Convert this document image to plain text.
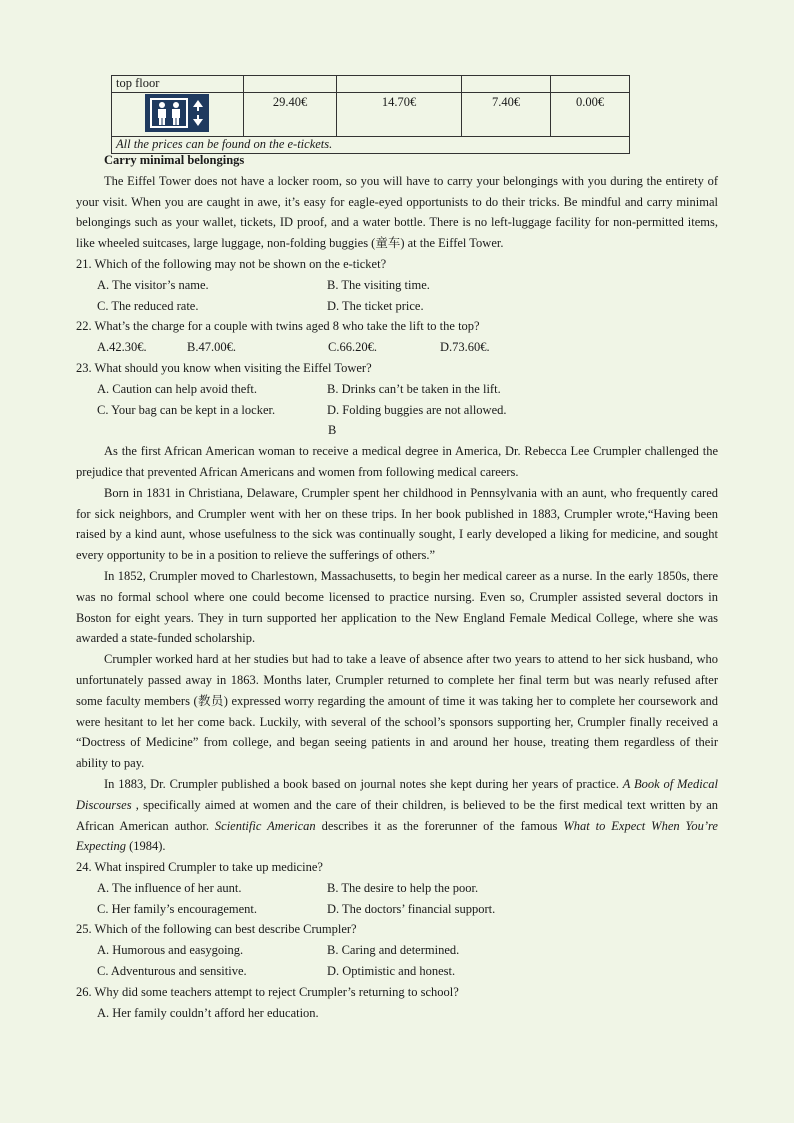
top floor				

	29.40€	14.70€	7.40€	0.00€
All the prices can be found on the e-tickets.				

Carry minimal belongings

The Eiffel Tower does not have a locker room, so you will have to carry your belongings with you during the entirety of your visit. When you are caught in awe, it’s easy for eagle-eyed opportunists to do their tricks. Be mindful and carry minimal belongings such as your wallet, tickets, ID proof, and a water bottle. There is no left-luggage facility for non-permitted items, like wheeled suitcases, large luggage, non-folding buggies (童车) at the Eiffel Tower.

21. Which of the following may not be shown on the e-ticket?

A. The visitor’s name.	B. The visiting time.
C. The reduced rate.	D. The ticket price.

22. What’s the charge for a couple with twins aged 8 who take the lift to the top?

A.42.30€.	B.47.00€.	C.66.20€.	D.73.60€.

23. What should you know when visiting the Eiffel Tower?

A. Caution can help avoid theft.	B. Drinks can’t be taken in the lift.
C. Your bag can be kept in a locker.	D. Folding buggies are not allowed.

B

As the first African American woman to receive a medical degree in America, Dr. Rebecca Lee Crumpler challenged the prejudice that prevented African Americans and women from following medical careers.

Born in 1831 in Christiana, Delaware, Crumpler spent her childhood in Pennsylvania with an aunt, who frequently cared for sick neighbors, and Crumpler went with her on these trips. In her book published in 1883, Crumpler wrote,“Having been raised by a kind aunt, whose usefulness to the sick was continually sought, I early developed a liking for medicine, and sought every opportunity to be in a position to relieve the sufferings of others.”

In 1852, Crumpler moved to Charlestown, Massachusetts, to begin her medical career as a nurse. In the early 1850s, there was no formal school where one could become licensed to practice nursing. Even so, Crumpler assisted several doctors in Boston for eight years. They in turn supported her application to the New England Female Medical College, where she was awarded a state-funded scholarship.

Crumpler worked hard at her studies but had to take a leave of absence after two years to attend to her sick husband, who unfortunately passed away in 1863. Months later, Crumpler returned to complete her final term but was nearly refused after some faculty members (教员) expressed worry regarding the amount of time it was taking her to complete her coursework and were hesitant to let her come back. Luckily, with several of the school’s sponsors supporting her, Crumpler finally received a “Doctress of Medicine” from college, and began seeing patients in and around her house, treating them regardless of their ability to pay.

In 1883, Dr. Crumpler published a book based on journal notes she kept during her years of practice. A Book of Medical Discourses , specifically aimed at women and the care of their children, is believed to be the first medical text written by an African American author. Scientific American describes it as the forerunner of the famous What to Expect When You’re Expecting (1984).

24. What inspired Crumpler to take up medicine?

A. The influence of her aunt.	B. The desire to help the poor.
C. Her family’s encouragement.	D. The doctors’ financial support.

25. Which of the following can best describe Crumpler?

A. Humorous and easygoing.	B. Caring and determined.
C. Adventurous and sensitive.	D. Optimistic and honest.

26. Why did some teachers attempt to reject Crumpler’s returning to school?

A. Her family couldn’t afford her education.
